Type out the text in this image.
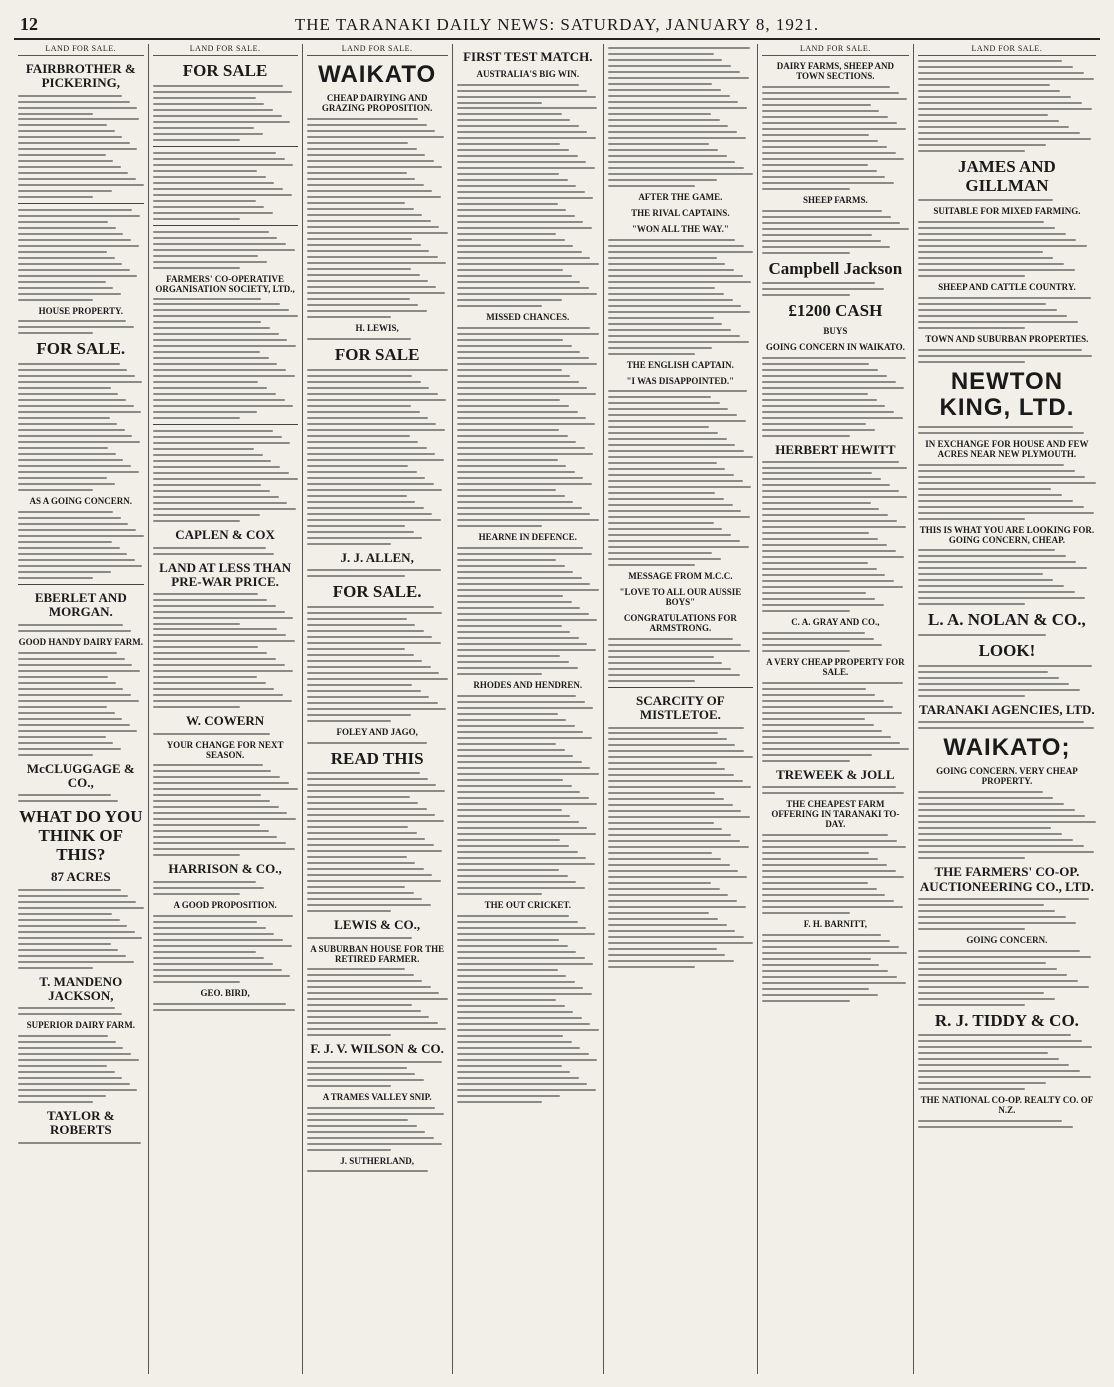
12	THE TARANAKI DAILY NEWS: SATURDAY, JANUARY 8, 1921.
LAND FOR SALE.
FAIRBROTHER & PICKERING,
HOUSE PROPERTY.
FOR SALE.
AS A GOING CONCERN.
EBERLET AND MORGAN.
GOOD HANDY DAIRY FARM.
McCLUGGAGE & CO.,
WHAT DO YOU THINK OF THIS?
87 ACRES
T. MANDENO JACKSON,
SUPERIOR DAIRY FARM.
TAYLOR & ROBERTS
LAND FOR SALE.
FOR SALE
FARMERS' CO-OPERATIVE ORGANISATION SOCIETY, LTD.,
CAPLEN & COX
LAND AT LESS THAN PRE-WAR PRICE.
W. COWERN
YOUR CHANGE FOR NEXT SEASON.
HARRISON & CO.,
A GOOD PROPOSITION.
GEO. BIRD,
LAND FOR SALE.
WAIKATO
CHEAP DAIRYING AND GRAZING PROPOSITION.
H. LEWIS,
FOR SALE
J. J. ALLEN,
FOR SALE.
FOLEY AND JAGO,
READ THIS
LEWIS & CO.,
A SUBURBAN HOUSE FOR THE RETIRED FARMER.
F. J. V. WILSON & CO.
A TRAMES VALLEY SNIP.
J. SUTHERLAND,
FIRST TEST MATCH.
AUSTRALIA'S BIG WIN.
MISSED CHANCES.
HEARNE IN DEFENCE.
RHODES AND HENDREN.
THE OUT CRICKET.
AFTER THE GAME.
THE RIVAL CAPTAINS.
"WON ALL THE WAY."
THE ENGLISH CAPTAIN.
"I WAS DISAPPOINTED."
MESSAGE FROM M.C.C.
"LOVE TO ALL OUR AUSSIE BOYS"
CONGRATULATIONS FOR ARMSTRONG.
SCARCITY OF MISTLETOE.
LAND FOR SALE.
DAIRY FARMS, SHEEP AND TOWN SECTIONS.
SHEEP FARMS.
Campbell Jackson
£1200 CASH
BUYS
GOING CONCERN IN WAIKATO.
HERBERT HEWITT
C. A. GRAY AND CO.,
A VERY CHEAP PROPERTY FOR SALE.
TREWEEK & JOLL
THE CHEAPEST FARM OFFERING IN TARANAKI TO-DAY.
F. H. BARNITT,
LAND FOR SALE.
JAMES AND GILLMAN
SUITABLE FOR MIXED FARMING.
SHEEP AND CATTLE COUNTRY.
TOWN AND SUBURBAN PROPERTIES.
NEWTON KING, LTD.
IN EXCHANGE FOR HOUSE AND FEW ACRES NEAR NEW PLYMOUTH.
THIS IS WHAT YOU ARE LOOKING FOR. GOING CONCERN, CHEAP.
L. A. NOLAN & CO.,
LOOK!
TARANAKI AGENCIES, LTD.
WAIKATO;
GOING CONCERN. VERY CHEAP PROPERTY.
THE FARMERS' CO-OP. AUCTIONEERING CO., LTD.
GOING CONCERN.
R. J. TIDDY & CO.
THE NATIONAL CO-OP. REALTY CO. OF N.Z.
